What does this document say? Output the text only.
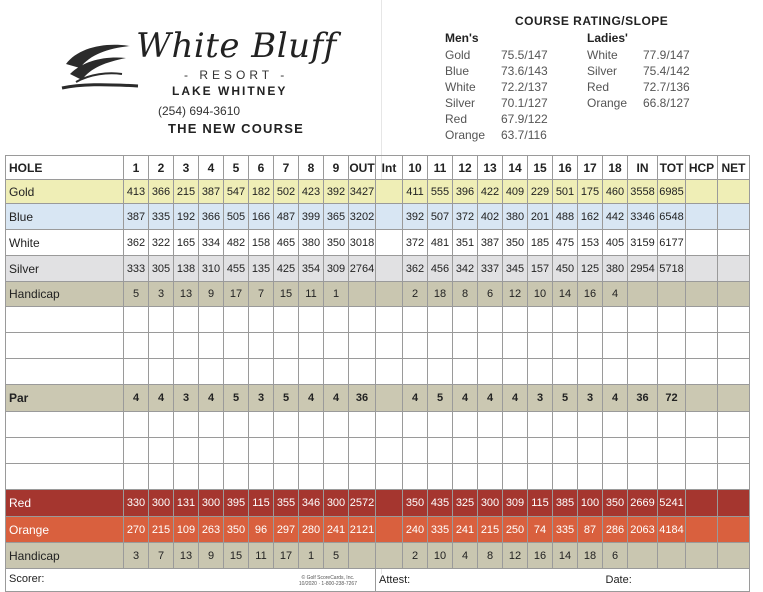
White Bluff
- RESORT -
LAKE WHITNEY
(254) 694-3610
THE NEW COURSE
COURSE RATING/SLOPE
Men's	Ladies'
Gold	75.5/147
Blue	73.6/143
White 72.2/137
Silver 70.1/127
Red	67.9/122
Orange 63.7/116
White 77.9/147
Silver 75.4/142
Red	72.7/136
Orange 66.8/127
HOLE	1	2	3	4	5	6	7	8	9	OUT	Int	10	11	12	13	14	15	16	17	18	IN	TOT	HCP	NET
Gold	413	366	215	387	547	182	502	423	392	3427		411	555	396	422	409	229	501	175	460	3558	6985		
Blue	387	335	192	366	505	166	487	399	365	3202		392	507	372	402	380	201	488	162	442	3346	6548		
White	362	322	165	334	482	158	465	380	350	3018		372	481	351	387	350	185	475	153	405	3159	6177		
Silver	333	305	138	310	455	135	425	354	309	2764		362	456	342	337	345	157	450	125	380	2954	5718		
Handicap	5	3	13	9	17	7	15	11	1			2	18	8	6	12	10	14	16	4				

Par	4	4	3	4	5	3	5	4	4	36		4	5	4	4	4	3	5	3	4	36	72		

Red	330	300	131	300	395	115	355	346	300	2572		350	435	325	300	309	115	385	100	350	2669	5241		
Orange	270	215	109	263	350	96	297	280	241	2121		240	335	241	215	250	74	335	87	286	2063	4184		
Handicap	3	7	13	9	15	11	17	1	5			2	10	4	8	12	16	14	18	6				

© Golf ScoreCards, Inc.
10/2020 · 1-800-238-7267
Scorer:											Attest:									Date:				
